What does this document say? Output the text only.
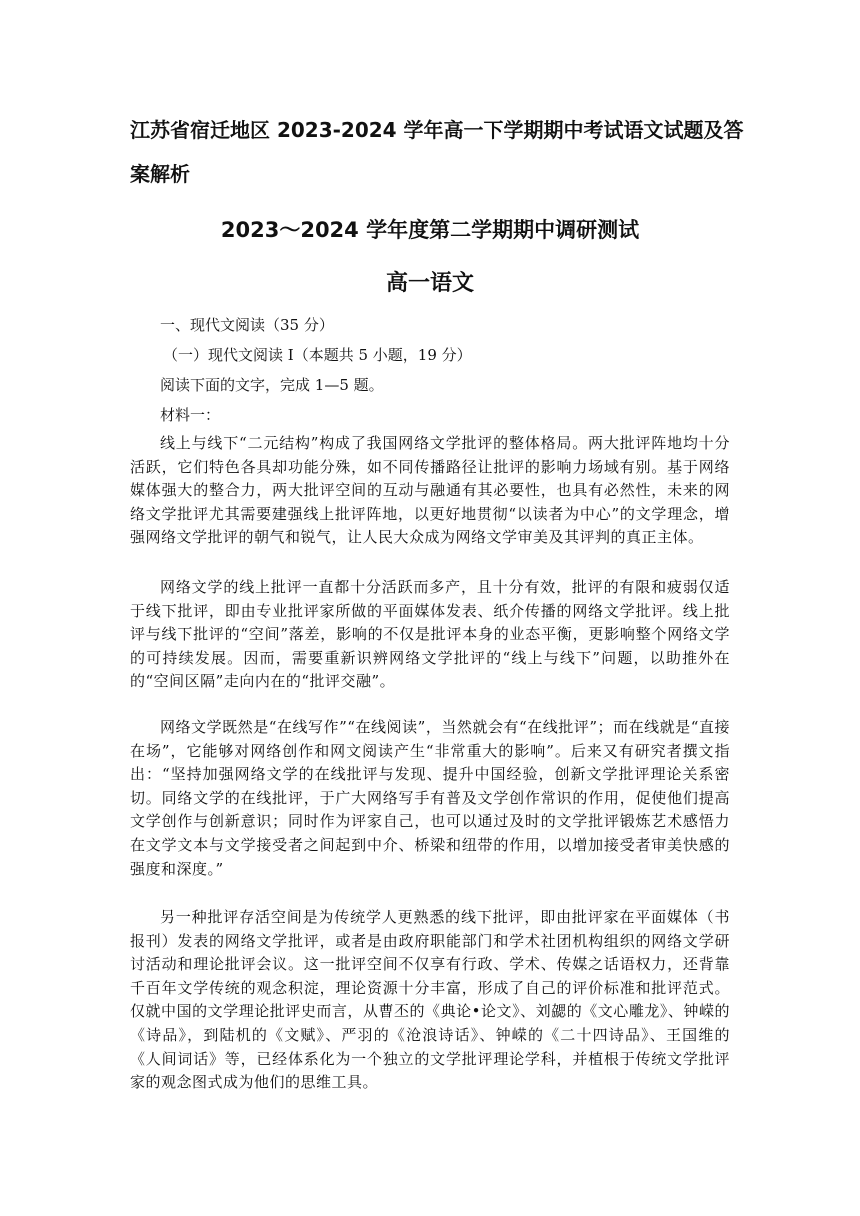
江苏省宿迁地区 2023-2024 学年高一下学期期中考试语文试题及答
案解析
2023～2024 学年度第二学期期中调研测试
高一语文

一、现代文阅读（35 分）

（一）现代文阅读 I（本题共 5 小题，19 分）

阅读下面的文字，完成 1—5 题。

材料一：

线上与线下“二元结构”构成了我国网络文学批评的整体格局。两大批评阵地均十分活跃，它们特色各具却功能分殊，如不同传播路径让批评的影响力场域有别。基于网络媒体强大的整合力，两大批评空间的互动与融通有其必要性，也具有必然性，未来的网络文学批评尤其需要建强线上批评阵地，以更好地贯彻“以读者为中心”的文学理念，增强网络文学批评的朝气和锐气，让人民大众成为网络文学审美及其评判的真正主体。

网络文学的线上批评一直都十分活跃而多产，且十分有效，批评的有限和疲弱仅适于线下批评，即由专业批评家所做的平面媒体发表、纸介传播的网络文学批评。线上批评与线下批评的“空间”落差，影响的不仅是批评本身的业态平衡，更影响整个网络文学的可持续发展。因而，需要重新识辨网络文学批评的“线上与线下”问题，以助推外在的“空间区隔”走向内在的“批评交融”。

网络文学既然是“在线写作”“在线阅读”，当然就会有“在线批评”；而在线就是“直接在场”，它能够对网络创作和网文阅读产生“非常重大的影响”。后来又有研究者撰文指出：“坚持加强网络文学的在线批评与发现、提升中国经验，创新文学批评理论关系密切。同络文学的在线批评，于广大网络写手有普及文学创作常识的作用，促使他们提高文学创作与创新意识；同时作为评家自己，也可以通过及时的文学批评锻炼艺术感悟力在文学文本与文学接受者之间起到中介、桥梁和纽带的作用，以增加接受者审美快感的强度和深度。”

另一种批评存活空间是为传统学人更熟悉的线下批评，即由批评家在平面媒体（书报刊）发表的网络文学批评，或者是由政府职能部门和学术社团机构组织的网络文学研讨活动和理论批评会议。这一批评空间不仅享有行政、学术、传媒之话语权力，还背靠千百年文学传统的观念积淀，理论资源十分丰富，形成了自己的评价标准和批评范式。仅就中国的文学理论批评史而言，从曹丕的《典论•论文》、刘勰的《文心雕龙》、钟嵘的《诗品》，到陆机的《文赋》、严羽的《沧浪诗话》、钟嵘的《二十四诗品》、王国维的《人间词话》等，已经体系化为一个独立的文学批评理论学科，并植根于传统文学批评家的观念图式成为他们的思维工具。
